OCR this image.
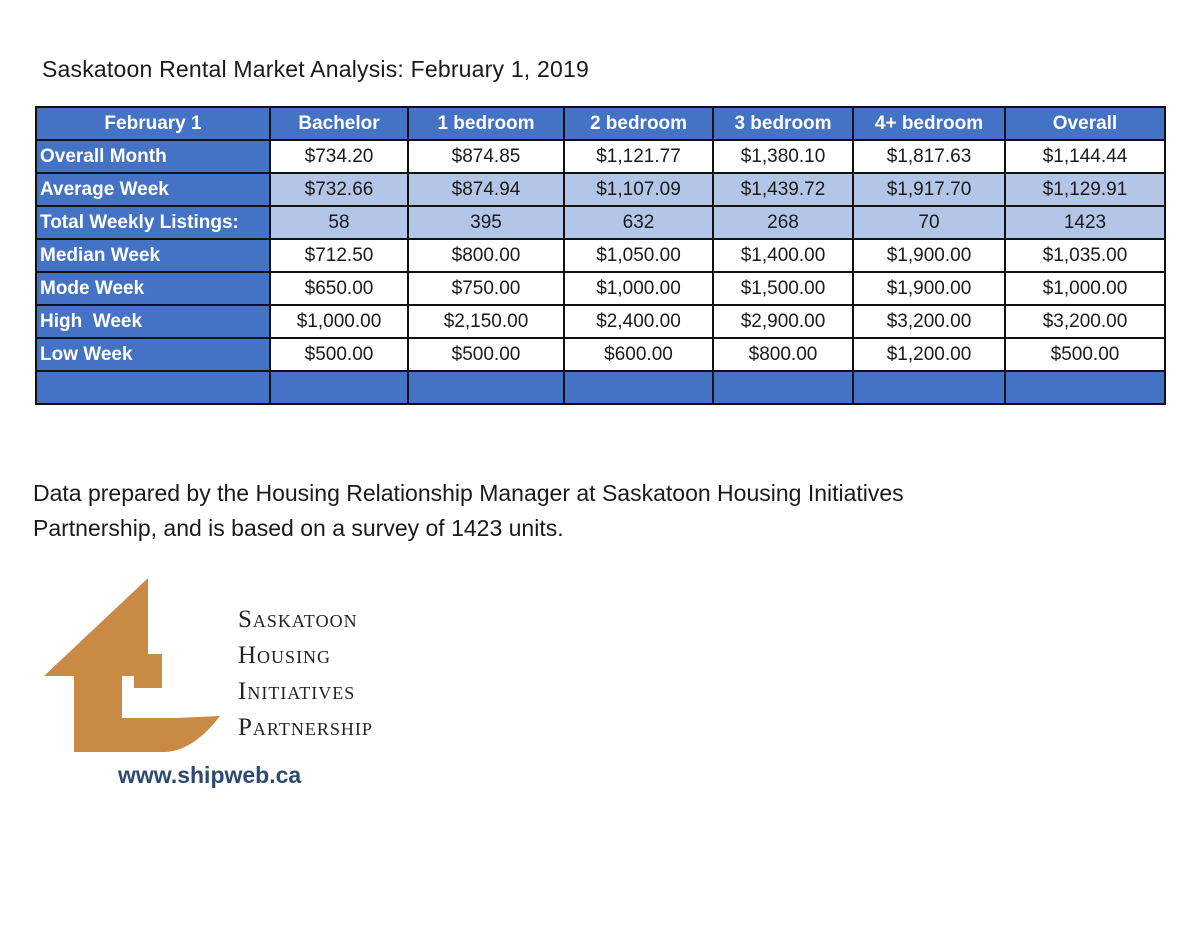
Saskatoon Rental Market Analysis: February 1, 2019
February 1	Bachelor	1 bedroom	2 bedroom	3 bedroom	4+ bedroom	Overall
Overall Month	$734.20	$874.85	$1,121.77	$1,380.10	$1,817.63	$1,144.44
Average Week	$732.66	$874.94	$1,107.09	$1,439.72	$1,917.70	$1,129.91
Total Weekly Listings:	58	395	632	268	70	1423
Median Week	$712.50	$800.00	$1,050.00	$1,400.00	$1,900.00	$1,035.00
Mode Week	$650.00	$750.00	$1,000.00	$1,500.00	$1,900.00	$1,000.00
High  Week	$1,000.00	$2,150.00	$2,400.00	$2,900.00	$3,200.00	$3,200.00
Low Week	$500.00	$500.00	$600.00	$800.00	$1,200.00	$500.00

Data prepared by the Housing Relationship Manager at Saskatoon Housing Initiatives Partnership, and is based on a survey of 1423 units.
Saskatoon
Housing
Initiatives
Partnership
www.shipweb.ca
